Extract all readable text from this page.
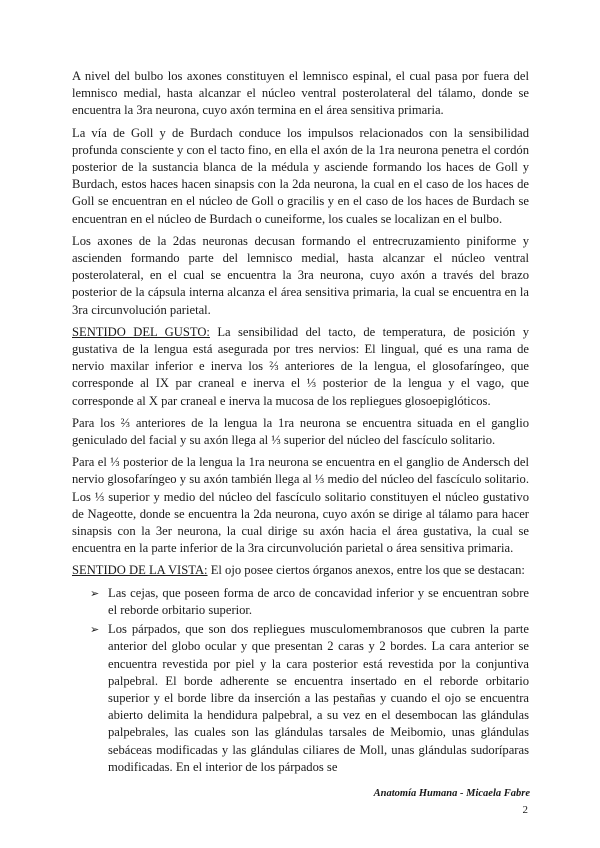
A nivel del bulbo los axones constituyen el lemnisco espinal, el cual pasa por fuera del lemnisco medial, hasta alcanzar el núcleo ventral posterolateral del tálamo, donde se encuentra la 3ra neurona, cuyo axón termina en el área sensitiva primaria.

La vía de Goll y de Burdach conduce los impulsos relacionados con la sensibilidad profunda consciente y con el tacto fino, en ella el axón de la 1ra neurona penetra el cordón posterior de la sustancia blanca de la médula y asciende formando los haces de Goll y Burdach, estos haces hacen sinapsis con la 2da neurona, la cual en el caso de los haces de Goll se encuentran en el núcleo de Goll o gracilis y en el caso de los haces de Burdach se encuentran en el núcleo de Burdach o cuneiforme, los cuales se localizan en el bulbo.

Los axones de la 2das neuronas decusan formando el entrecruzamiento piniforme y ascienden formando parte del lemnisco medial, hasta alcanzar el núcleo ventral posterolateral, en el cual se encuentra la 3ra neurona, cuyo axón a través del brazo posterior de la cápsula interna alcanza el área sensitiva primaria, la cual se encuentra en la 3ra circunvolución parietal.

SENTIDO DEL GUSTO: La sensibilidad del tacto, de temperatura, de posición y gustativa de la lengua está asegurada por tres nervios: El lingual, qué es una rama de nervio maxilar inferior e inerva los ⅔ anteriores de la lengua, el glosofaríngeo, que corresponde al IX par craneal e inerva el ⅓ posterior de la lengua y el vago, que corresponde al X par craneal e inerva la mucosa de los repliegues glosoepiglóticos.

Para los ⅔ anteriores de la lengua la 1ra neurona se encuentra situada en el ganglio geniculado del facial y su axón llega al ⅓ superior del núcleo del fascículo solitario.

Para el ⅓ posterior de la lengua la 1ra neurona se encuentra en el ganglio de Andersch del nervio glosofaríngeo y su axón también llega al ⅓ medio del núcleo del fascículo solitario. Los ⅓ superior y medio del núcleo del fascículo solitario constituyen el núcleo gustativo de Nageotte, donde se encuentra la 2da neurona, cuyo axón se dirige al tálamo para hacer sinapsis con la 3er neurona, la cual dirige su axón hacia el área gustativa, la cual se encuentra en la parte inferior de la 3ra circunvolución parietal o área sensitiva primaria.

SENTIDO DE LA VISTA: El ojo posee ciertos órganos anexos, entre los que se destacan:

➢ Las cejas, que poseen forma de arco de concavidad inferior y se encuentran sobre el reborde orbitario superior.

➢ Los párpados, que son dos repliegues musculomembranosos que cubren la parte anterior del globo ocular y que presentan 2 caras y 2 bordes. La cara anterior se encuentra revestida por piel y la cara posterior está revestida por la conjuntiva palpebral. El borde adherente se encuentra insertado en el reborde orbitario superior y el borde libre da inserción a las pestañas y cuando el ojo se encuentra abierto delimita la hendidura palpebral, a su vez en el desembocan las glándulas palpebrales, las cuales son las glándulas tarsales de Meibomio, unas glándulas sebáceas modificadas y las glándulas ciliares de Moll, unas glándulas sudoríparas modificadas. En el interior de los párpados se

Anatomía Humana - Micaela Fabre
2
